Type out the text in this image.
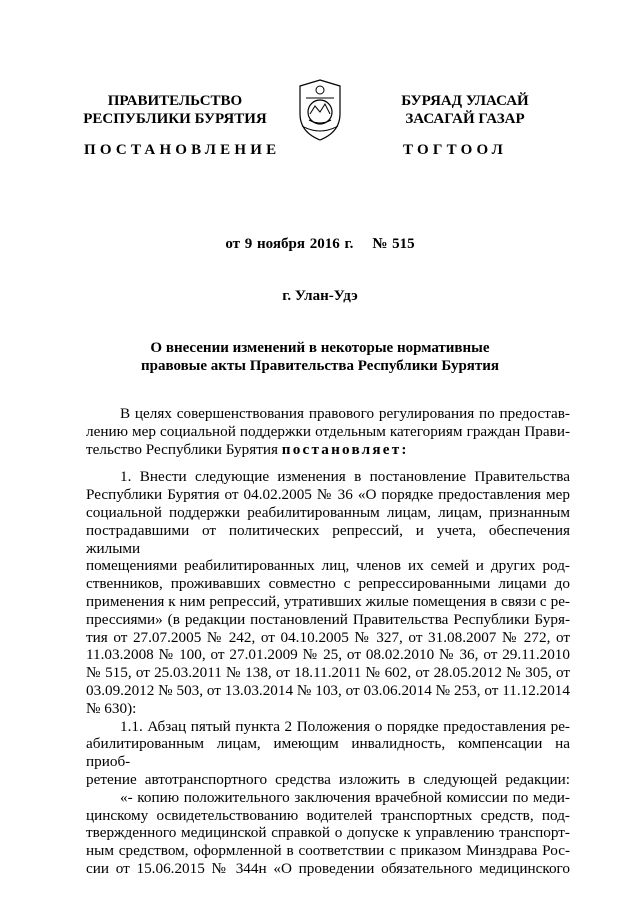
ПРАВИТЕЛЬСТВО
РЕСПУБЛИКИ БУРЯТИЯ
ПОСТАНОВЛЕНИЕ
БУРЯАД УЛАСАЙ
ЗАСАГАЙ ГАЗАР
ТОГТООЛ
от 9 ноября 2016 г.    № 515
г. Улан-Удэ
О внесении изменений в некоторые нормативные
правовые акты Правительства Республики Бурятия

В целях совершенствования правового регулирования по предостав-

лению мер социальной поддержки отдельным категориям граждан Прави-

тельство Республики Бурятия постановляет:

1. Внести следующие изменения в постановление Правительства

Республики Бурятия от 04.02.2005 № 36 «О порядке предоставления мер

социальной поддержки реабилитированным лицам, лицам, признанным

пострадавшими от политических репрессий, и учета, обеспечения жилыми

помещениями реабилитированных лиц, членов их семей и других род-

ственников, проживавших совместно с репрессированными лицами до

применения к ним репрессий, утративших жилые помещения в связи с ре-

прессиями» (в редакции постановлений Правительства Республики Буря-

тия от 27.07.2005 № 242, от 04.10.2005 № 327, от 31.08.2007 № 272, от

11.03.2008 № 100, от 27.01.2009 № 25, от 08.02.2010 № 36, от 29.11.2010

№ 515, от 25.03.2011 № 138, от 18.11.2011 № 602, от 28.05.2012 № 305, от

03.09.2012 № 503, от 13.03.2014 № 103, от 03.06.2014 № 253, от 11.12.2014

№ 630):

1.1. Абзац пятый пункта 2 Положения о порядке предоставления ре-

абилитированным лицам, имеющим инвалидность, компенсации на приоб-

ретение автотранспортного средства изложить в следующей редакции:

«- копию положительного заключения врачебной комиссии по меди-

цинскому освидетельствованию водителей транспортных средств, под-

твержденного медицинской справкой о допуске к управлению транспорт-

ным средством, оформленной в соответствии с приказом Минздрава Рос-

сии от 15.06.2015 № 344н «О проведении обязательного медицинского
